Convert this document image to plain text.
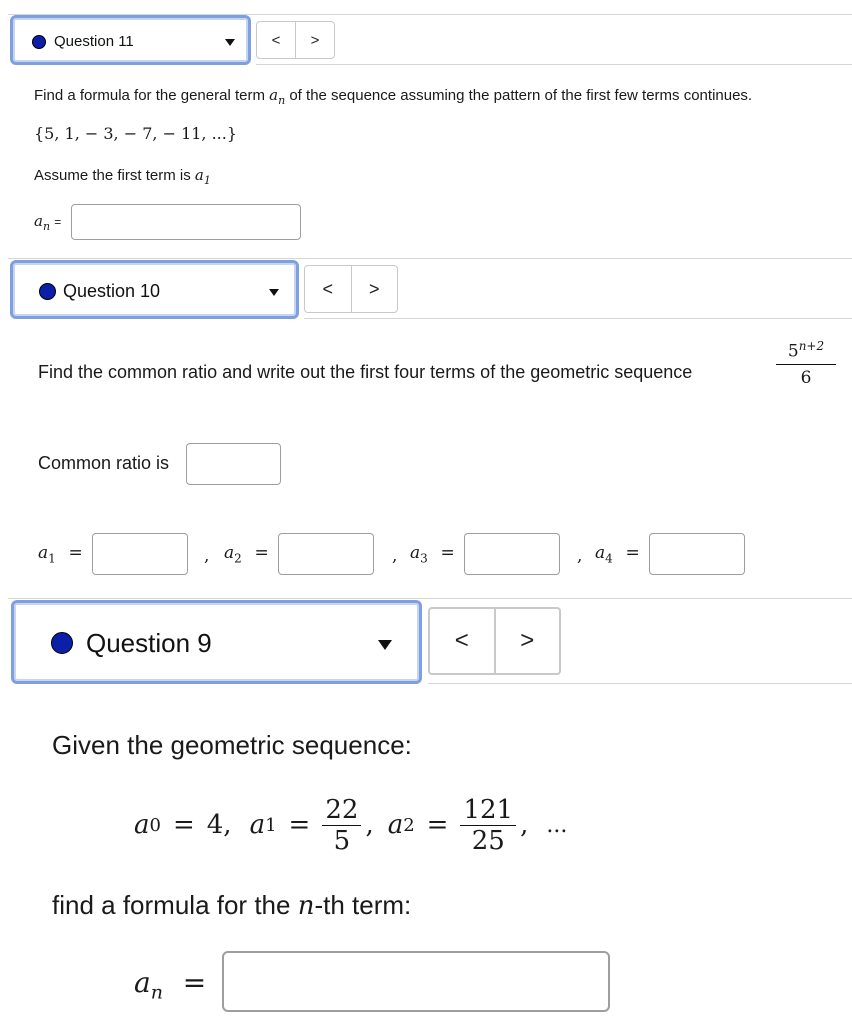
Question 11	<	>
Find a formula for the general term $a_n$ of the sequence assuming the pattern of the first few terms continues.
{5, 1, − 3, − 7, − 11, ...}
Assume the first term is $a_1$
$a_n$ =
Question 10	<	>
Find the common ratio and write out the first four terms of the geometric sequence	$\frac{5^{n+2}}{6}$
Common ratio is
$a_1$ =	, $a_2$ =	, $a_3$ =	, $a_4$ =
Question 9	<	>
Given the geometric sequence:
a 0 = 4, a $1 = \frac{22}{5}$ , a $2 = \frac{121}{25}$ , ...
find a formula for the n-th term:
$a_n$ =
